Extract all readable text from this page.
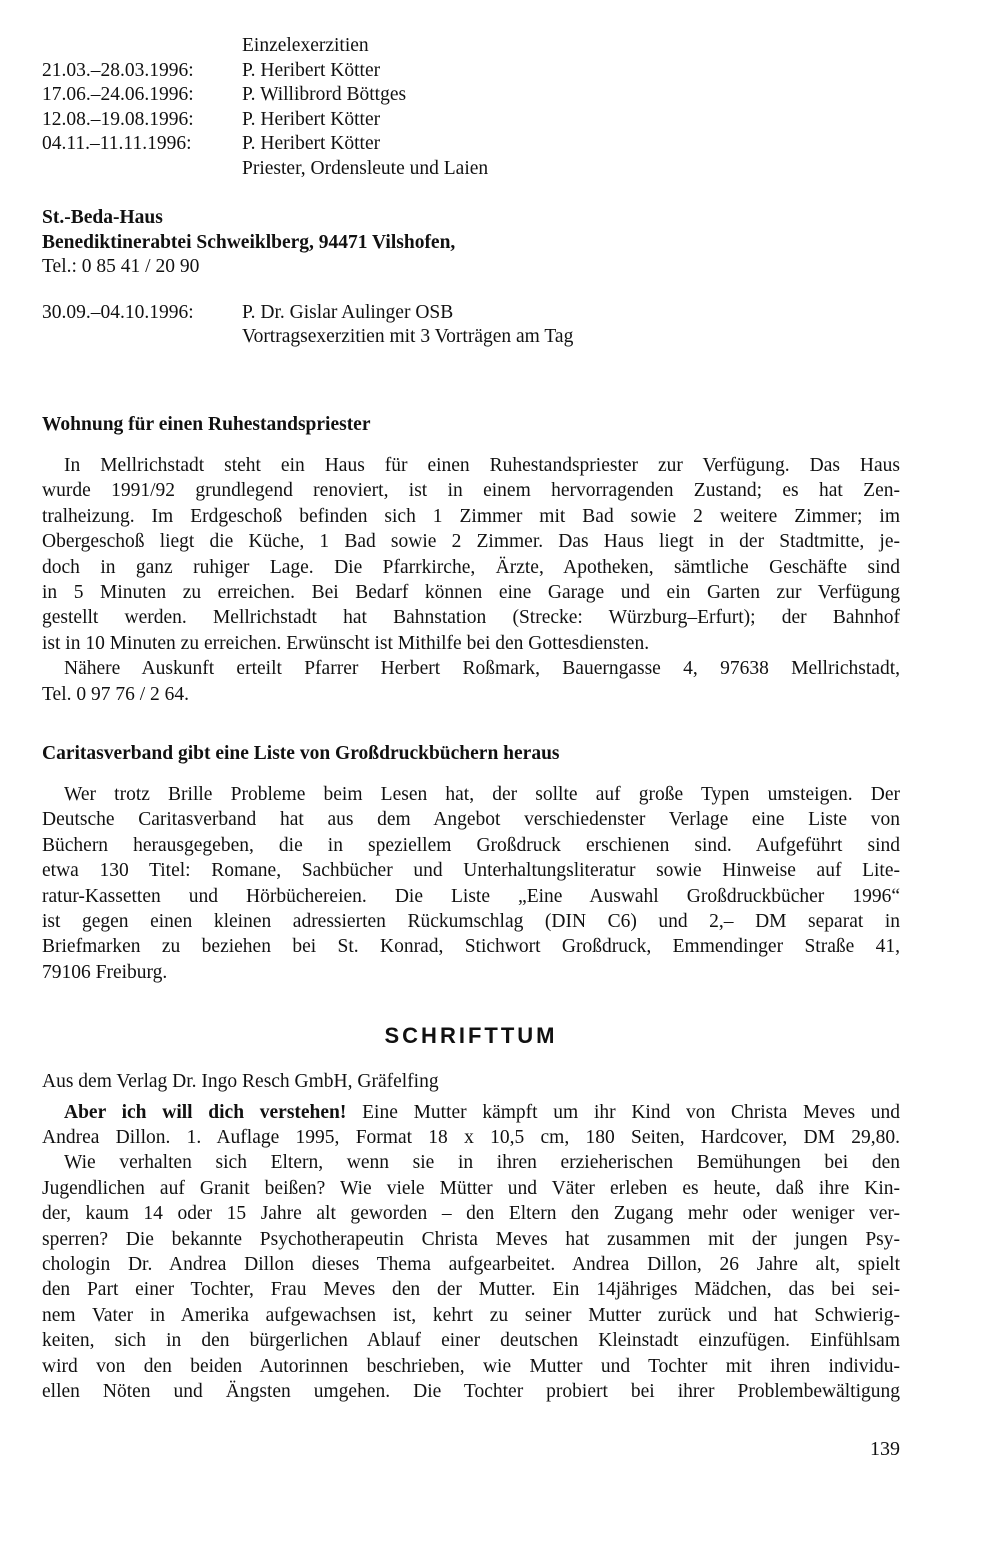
Einzelexerzitien
21.03.–28.03.1996:	P. Heribert Kötter
17.06.–24.06.1996:	P. Willibrord Böttges
12.08.–19.08.1996:	P. Heribert Kötter
04.11.–11.11.1996:	P. Heribert Kötter
Priester, Ordensleute und Laien
St.-Beda-Haus
Benediktinerabtei Schweiklberg, 94471 Vilshofen,
Tel.: 0 85 41 / 20 90
30.09.–04.10.1996:	P. Dr. Gislar Aulinger OSB
Vortragsexerzitien mit 3 Vorträgen am Tag
Wohnung für einen Ruhestandspriester
In Mellrichstadt steht ein Haus für einen Ruhestandspriester zur Verfügung. Das Haus
wurde 1991/92 grundlegend renoviert, ist in einem hervorragenden Zustand; es hat Zen-
tralheizung. Im Erdgeschoß befinden sich 1 Zimmer mit Bad sowie 2 weitere Zimmer; im
Obergeschoß liegt die Küche, 1 Bad sowie 2 Zimmer. Das Haus liegt in der Stadtmitte, je-
doch in ganz ruhiger Lage. Die Pfarrkirche, Ärzte, Apotheken, sämtliche Geschäfte sind
in 5 Minuten zu erreichen. Bei Bedarf können eine Garage und ein Garten zur Verfügung
gestellt werden. Mellrichstadt hat Bahnstation (Strecke: Würzburg–Erfurt); der Bahnhof
ist in 10 Minuten zu erreichen. Erwünscht ist Mithilfe bei den Gottesdiensten.
Nähere Auskunft erteilt Pfarrer Herbert Roßmark, Bauerngasse 4, 97638 Mellrichstadt,
Tel. 0 97 76 / 2 64.
Caritasverband gibt eine Liste von Großdruckbüchern heraus
Wer trotz Brille Probleme beim Lesen hat, der sollte auf große Typen umsteigen. Der
Deutsche Caritasverband hat aus dem Angebot verschiedenster Verlage eine Liste von
Büchern herausgegeben, die in speziellem Großdruck erschienen sind. Aufgeführt sind
etwa 130 Titel: Romane, Sachbücher und Unterhaltungsliteratur sowie Hinweise auf Lite-
ratur-Kassetten und Hörbüchereien. Die Liste „Eine Auswahl Großdruckbücher 1996“
ist gegen einen kleinen adressierten Rückumschlag (DIN C6) und 2,– DM separat in
Briefmarken zu beziehen bei St. Konrad, Stichwort Großdruck, Emmendinger Straße 41,
79106 Freiburg.
SCHRIFTTUM
Aus dem Verlag Dr. Ingo Resch GmbH, Gräfelfing
Aber ich will dich verstehen! Eine Mutter kämpft um ihr Kind von Christa Meves und
Andrea Dillon. 1. Auflage 1995, Format 18 x 10,5 cm, 180 Seiten, Hardcover, DM 29,80.
Wie verhalten sich Eltern, wenn sie in ihren erzieherischen Bemühungen bei den
Jugendlichen auf Granit beißen? Wie viele Mütter und Väter erleben es heute, daß ihre Kin-
der, kaum 14 oder 15 Jahre alt geworden – den Eltern den Zugang mehr oder weniger ver-
sperren? Die bekannte Psychotherapeutin Christa Meves hat zusammen mit der jungen Psy-
chologin Dr. Andrea Dillon dieses Thema aufgearbeitet. Andrea Dillon, 26 Jahre alt, spielt
den Part einer Tochter, Frau Meves den der Mutter. Ein 14jähriges Mädchen, das bei sei-
nem Vater in Amerika aufgewachsen ist, kehrt zu seiner Mutter zurück und hat Schwierig-
keiten, sich in den bürgerlichen Ablauf einer deutschen Kleinstadt einzufügen. Einfühlsam
wird von den beiden Autorinnen beschrieben, wie Mutter und Tochter mit ihren individu-
ellen Nöten und Ängsten umgehen. Die Tochter probiert bei ihrer Problembewältigung
139
